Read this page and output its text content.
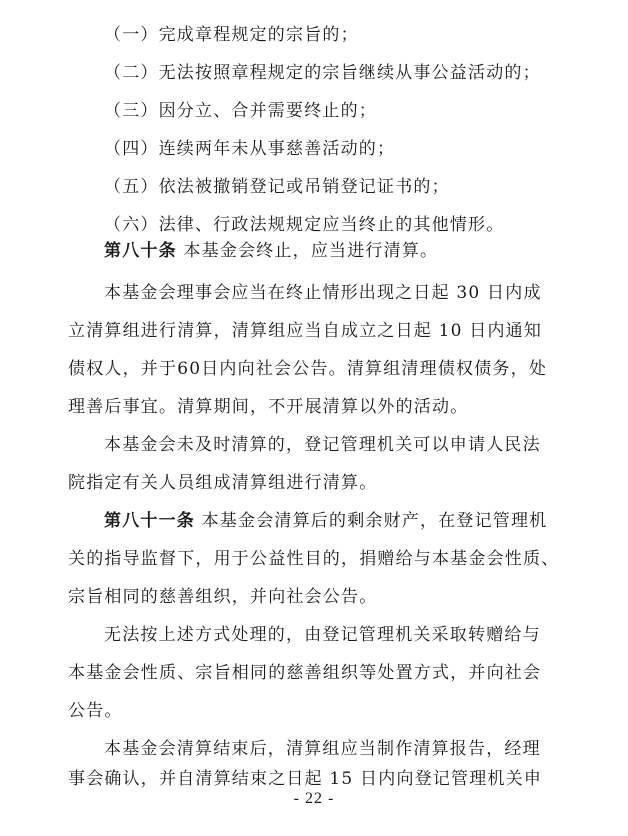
（一）完成章程规定的宗旨的；
（二）无法按照章程规定的宗旨继续从事公益活动的；
（三）因分立、合并需要终止的；
（四）连续两年未从事慈善活动的；
（五）依法被撤销登记或吊销登记证书的；
（六）法律、行政法规规定应当终止的其他情形。
第八十条 本基金会终止，应当进行清算。
本基金会理事会应当在终止情形出现之日起 30 日内成
立清算组进行清算，清算组应当自成立之日起 10 日内通知
债权人，并于60日内向社会公告。清算组清理债权债务，处
理善后事宜。清算期间，不开展清算以外的活动。
本基金会未及时清算的，登记管理机关可以申请人民法
院指定有关人员组成清算组进行清算。
第八十一条 本基金会清算后的剩余财产，在登记管理机
关的指导监督下，用于公益性目的，捐赠给与本基金会性质、
宗旨相同的慈善组织，并向社会公告。
无法按上述方式处理的，由登记管理机关采取转赠给与
本基金会性质、宗旨相同的慈善组织等处置方式，并向社会
公告。
本基金会清算结束后，清算组应当制作清算报告，经理
事会确认，并自清算结束之日起 15 日内向登记管理机关申
- 22 -
